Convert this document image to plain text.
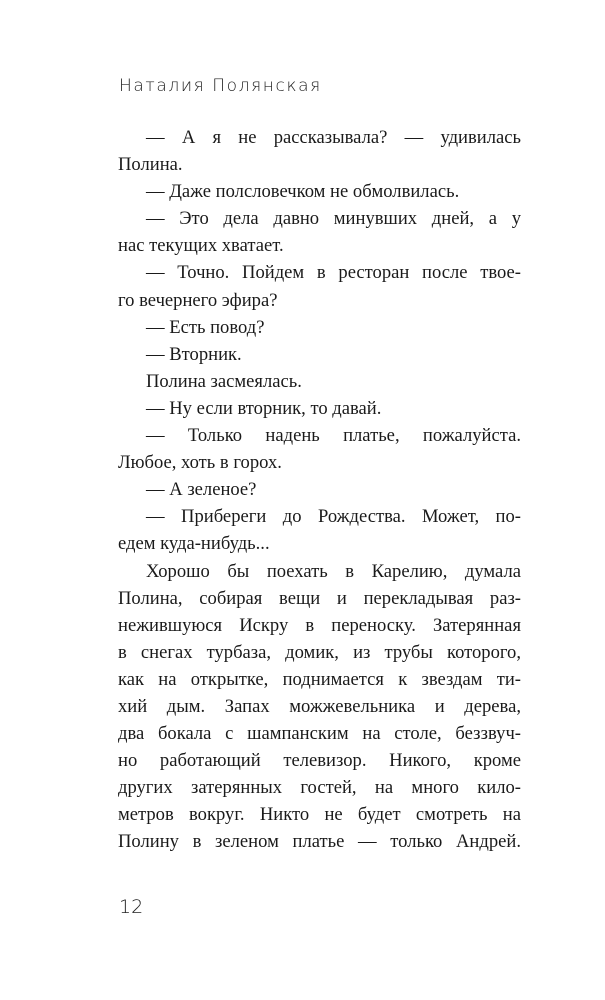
Наталия Полянская
— А я не рассказывала? — удивилась
Полина.
— Даже полсловечком не обмолвилась.
— Это дела давно минувших дней, а у
нас текущих хватает.
— Точно. Пойдем в ресторан после твое-
го вечернего эфира?
— Есть повод?
— Вторник.
Полина засмеялась.
— Ну если вторник, то давай.
— Только надень платье, пожалуйста.
Любое, хоть в горох.
— А зеленое?
— Прибереги до Рождества. Может, по-
едем куда-нибудь...
Хорошо бы поехать в Карелию, думала
Полина, собирая вещи и перекладывая раз-
нежившуюся Искру в переноску. Затерянная
в снегах турбаза, домик, из трубы которого,
как на открытке, поднимается к звездам ти-
хий дым. Запах можжевельника и дерева,
два бокала с шампанским на столе, беззвуч-
но работающий телевизор. Никого, кроме
других затерянных гостей, на много кило-
метров вокруг. Никто не будет смотреть на
Полину в зеленом платье — только Андрей.
12
